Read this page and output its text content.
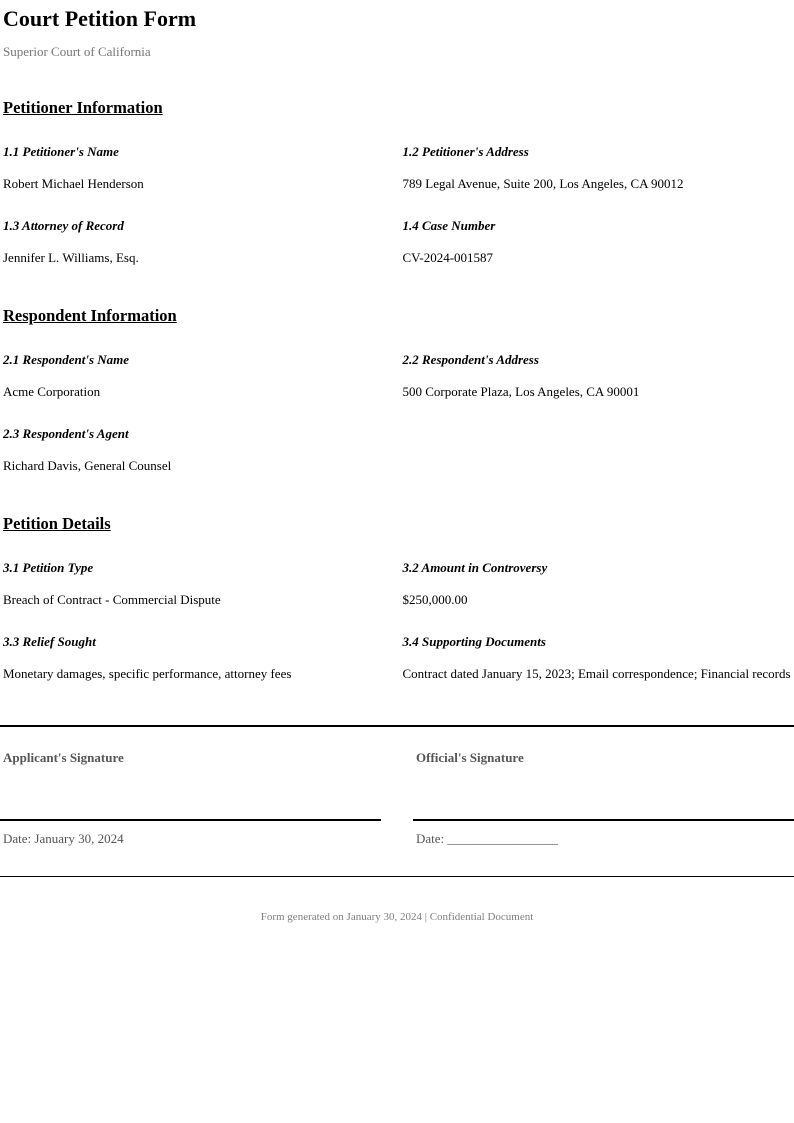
Court Petition Form
Superior Court of California
Petitioner Information
1.1 Petitioner's Name
Robert Michael Henderson
1.2 Petitioner's Address
789 Legal Avenue, Suite 200, Los Angeles, CA 90012
1.3 Attorney of Record
Jennifer L. Williams, Esq.
1.4 Case Number
CV-2024-001587
Respondent Information
2.1 Respondent's Name
Acme Corporation
2.2 Respondent's Address
500 Corporate Plaza, Los Angeles, CA 90001
2.3 Respondent's Agent
Richard Davis, General Counsel
Petition Details
3.1 Petition Type
Breach of Contract - Commercial Dispute
3.2 Amount in Controversy
$250,000.00
3.3 Relief Sought
Monetary damages, specific performance, attorney fees
3.4 Supporting Documents
Contract dated January 15, 2023; Email correspondence; Financial records
Applicant's Signature
Date: January 30, 2024
Official's Signature
Date: _________________
Form generated on January 30, 2024 | Confidential Document
